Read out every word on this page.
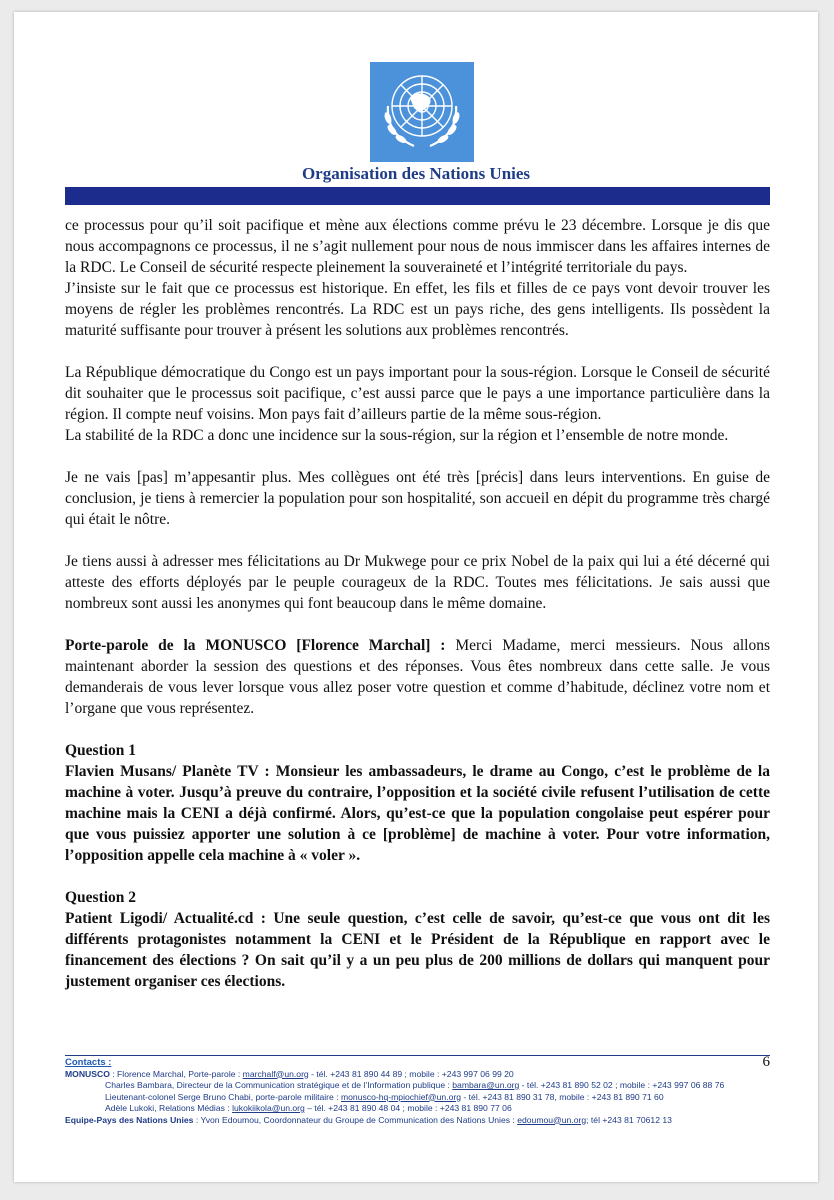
Organisation des Nations Unies

ce processus pour qu’il soit pacifique et mène aux élections comme prévu le 23 décembre. Lorsque je dis que nous accompagnons ce processus, il ne s’agit nullement pour nous de nous immiscer dans les affaires internes de la RDC. Le Conseil de sécurité respecte pleinement la souveraineté et l’intégrité territoriale du pays.

J’insiste sur le fait que ce processus est historique. En effet, les fils et filles de ce pays vont devoir trouver les moyens de régler les problèmes rencontrés. La RDC est un pays riche, des gens intelligents. Ils possèdent la maturité suffisante pour trouver à présent les solutions aux problèmes rencontrés.

La République démocratique du Congo est un pays important pour la sous-région. Lorsque le Conseil de sécurité dit souhaiter que le processus soit pacifique, c’est aussi parce que le pays a une importance particulière dans la région. Il compte neuf voisins. Mon pays fait d’ailleurs partie de la même sous-région.

La stabilité de la RDC a donc une incidence sur la sous-région, sur la région et l’ensemble de notre monde.

Je ne vais [pas] m’appesantir plus. Mes collègues ont été très [précis] dans leurs interventions. En guise de conclusion, je tiens à remercier la population pour son hospitalité, son accueil en dépit du programme très chargé qui était le nôtre.

Je tiens aussi à adresser mes félicitations au Dr Mukwege pour ce prix Nobel de la paix qui lui a été décerné qui atteste des efforts déployés par le peuple courageux de la RDC. Toutes mes félicitations. Je sais aussi que nombreux sont aussi les anonymes qui font beaucoup dans le même domaine.

Porte-parole de la MONUSCO [Florence Marchal] : Merci Madame, merci messieurs. Nous allons maintenant aborder la session des questions et des réponses. Vous êtes nombreux dans cette salle. Je vous demanderais de vous lever lorsque vous allez poser votre question et comme d’habitude, déclinez votre nom et l’organe que vous représentez.

Question 1

Flavien Musans/ Planète TV : Monsieur les ambassadeurs, le drame au Congo, c’est le problème de la machine à voter. Jusqu’à preuve du contraire, l’opposition et la société civile refusent l’utilisation de cette machine mais la CENI a déjà confirmé. Alors, qu’est-ce que la population congolaise peut espérer pour que vous puissiez apporter une solution à ce [problème] de machine à voter. Pour votre information, l’opposition appelle cela machine à « voler ».

Question 2

Patient Ligodi/ Actualité.cd : Une seule question, c’est celle de savoir, qu’est-ce que vous ont dit les différents protagonistes notamment la CENI et le Président de la République en rapport avec le financement des élections ? On sait qu’il y a un peu plus de 200 millions de dollars qui manquent pour justement organiser ces élections.

Contacts :	6
MONUSCO : Florence Marchal, Porte-parole : marchalf@un.org - tél. +243 81 890 44 89 ; mobile : +243 997 06 99 20
Charles Bambara, Directeur de la Communication stratégique et de l’Information publique : bambara@un.org - tél. +243 81 890 52 02 ; mobile : +243 997 06 88 76
Lieutenant-colonel Serge Bruno Chabi, porte-parole militaire : monusco-hq-mpiochief@un.org - tél. +243 81 890 31 78, mobile : +243 81 890 71 60
Adèle Lukoki, Relations Médias : lukokiikola@un.org – tél. +243 81 890 48 04 ; mobile : +243 81 890 77 06
Equipe-Pays des Nations Unies : Yvon Edoumou, Coordonnateur du Groupe de Communication des Nations Unies : edoumou@un.org; tél +243 81 70612 13
